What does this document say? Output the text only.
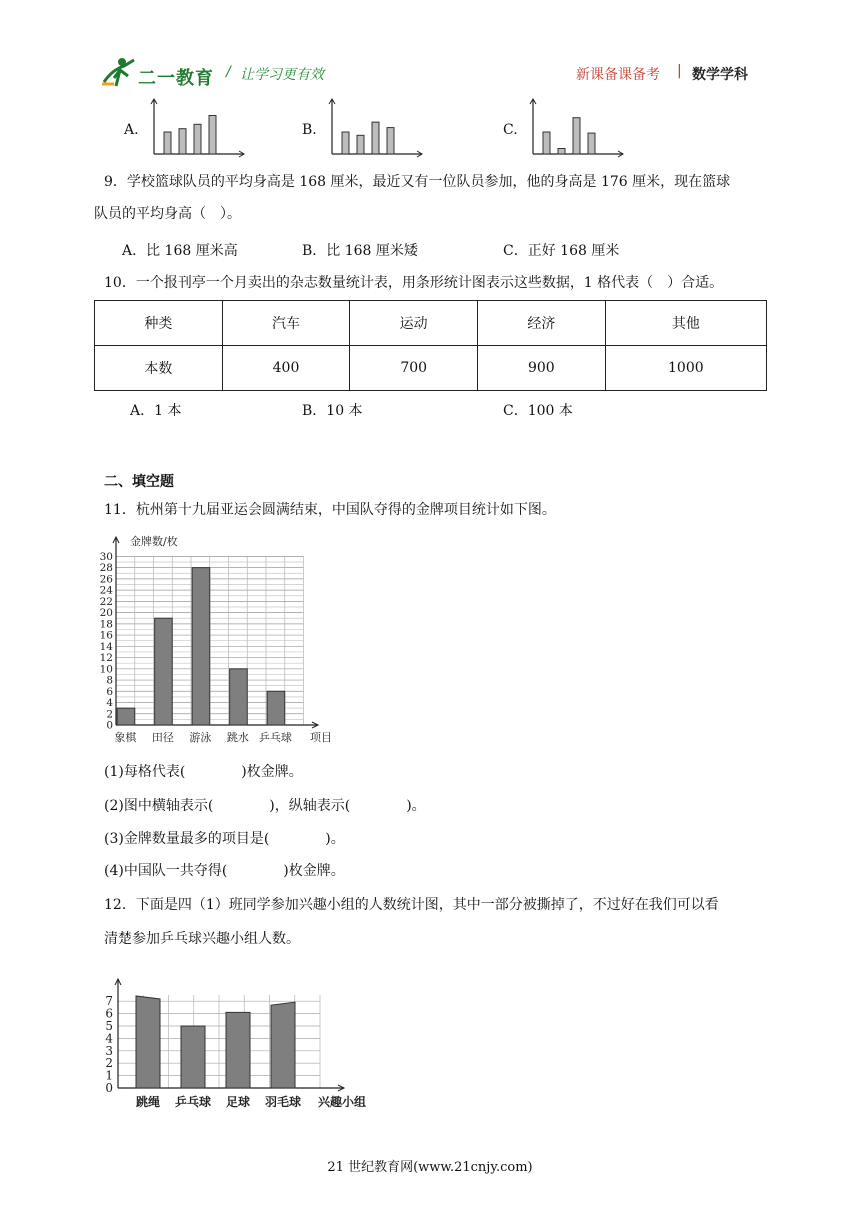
二一教育 / 让学习更有效	新课备课备考 | 数学学科
A.	B.	C.
9．学校篮球队员的平均身高是 168 厘米，最近又有一位队员参加，他的身高是 176 厘米，现在篮球
队员的平均身高（　）。
A．比 168 厘米高	B．比 168 厘米矮	C．正好 168 厘米
10．一个报刊亭一个月卖出的杂志数量统计表，用条形统计图表示这些数据，1 格代表（　）合适。
种类	汽车	运动	经济	其他
本数	400	700	900	1000
A．1 本	B．10 本	C．100 本
二、填空题
11．杭州第十九届亚运会圆满结束，中国队夺得的金牌项目统计如下图。
0
2
4
6
8
10
12
14
16
18
20
22
24
26
28
30
象棋 田径 游泳 跳水 乒乓球
金牌数/枚
项目
(1)每格代表(　　　　)枚金牌。
(2)图中横轴表示(　　　　)，纵轴表示(　　　　)。
(3)金牌数量最多的项目是(　　　　)。
(4)中国队一共夺得(　　　　)枚金牌。
12．下面是四（1）班同学参加兴趣小组的人数统计图，其中一部分被撕掉了，不过好在我们可以看
清楚参加乒乓球兴趣小组人数。
0
1
2
3
4
5
6
7
跳绳 乒乓球 足球 羽毛球 兴趣小组
21 世纪教育网(www.21cnjy.com)
